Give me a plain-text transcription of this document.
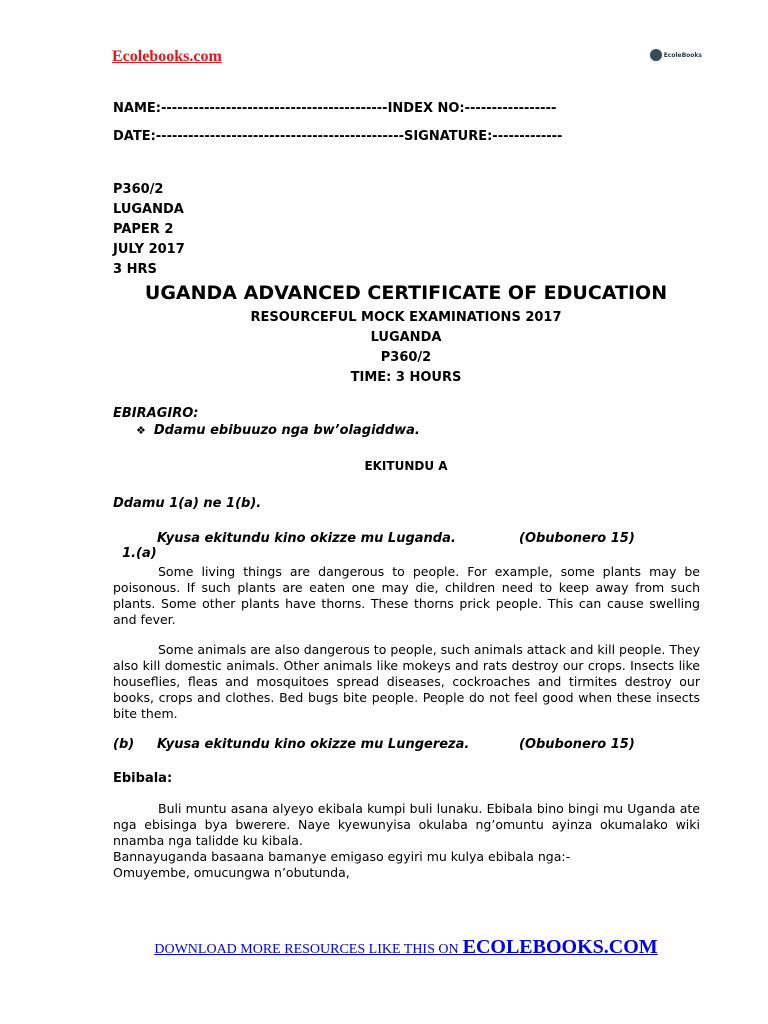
Ecolebooks.com	EcoleBooks
NAME:------------------------------------------INDEX NO:-----------------
DATE:----------------------------------------------SIGNATURE:-------------
P360/2
LUGANDA
PAPER 2
JULY 2017
3 HRS
UGANDA ADVANCED CERTIFICATE OF EDUCATION
RESOURCEFUL MOCK EXAMINATIONS 2017
LUGANDA
P360/2
TIME: 3 HOURS
EBIRAGIRO:
❖ Ddamu ebibuuzo nga bw’olagiddwa.
EKITUNDU A
Ddamu 1(a) ne 1(b).

1.(a)

Kyusa ekitundu kino okizze mu Luganda.	(Obubonero 15)
Some living things are dangerous to people. For example, some plants may be poisonous. If such plants are eaten one may die, children need to keep away from such plants. Some other plants have thorns. These thorns prick people. This can cause swelling and fever.
Some animals are also dangerous to people, such animals attack and kill people. They also kill domestic animals. Other animals like mokeys and rats destroy our crops. Insects like houseflies, fleas and mosquitoes spread diseases, cockroaches and tirmites destroy our books, crops and clothes. Bed bugs bite people. People do not feel good when these insects bite them.
(b) Kyusa ekitundu kino okizze mu Lungereza.	(Obubonero 15)
Ebibala:
Buli muntu asana alyeyo ekibala kumpi buli lunaku. Ebibala bino bingi mu Uganda ate nga ebisinga bya bwerere. Naye kyewunyisa okulaba ng’omuntu ayinza okumalako wiki nnamba nga talidde ku kibala.
Bannayuganda basaana bamanye emigaso egyiri mu kulya ebibala nga:-
Omuyembe, omucungwa n’obutunda,
DOWNLOAD MORE RESOURCES LIKE THIS ON ECOLEBOOKS.COM
